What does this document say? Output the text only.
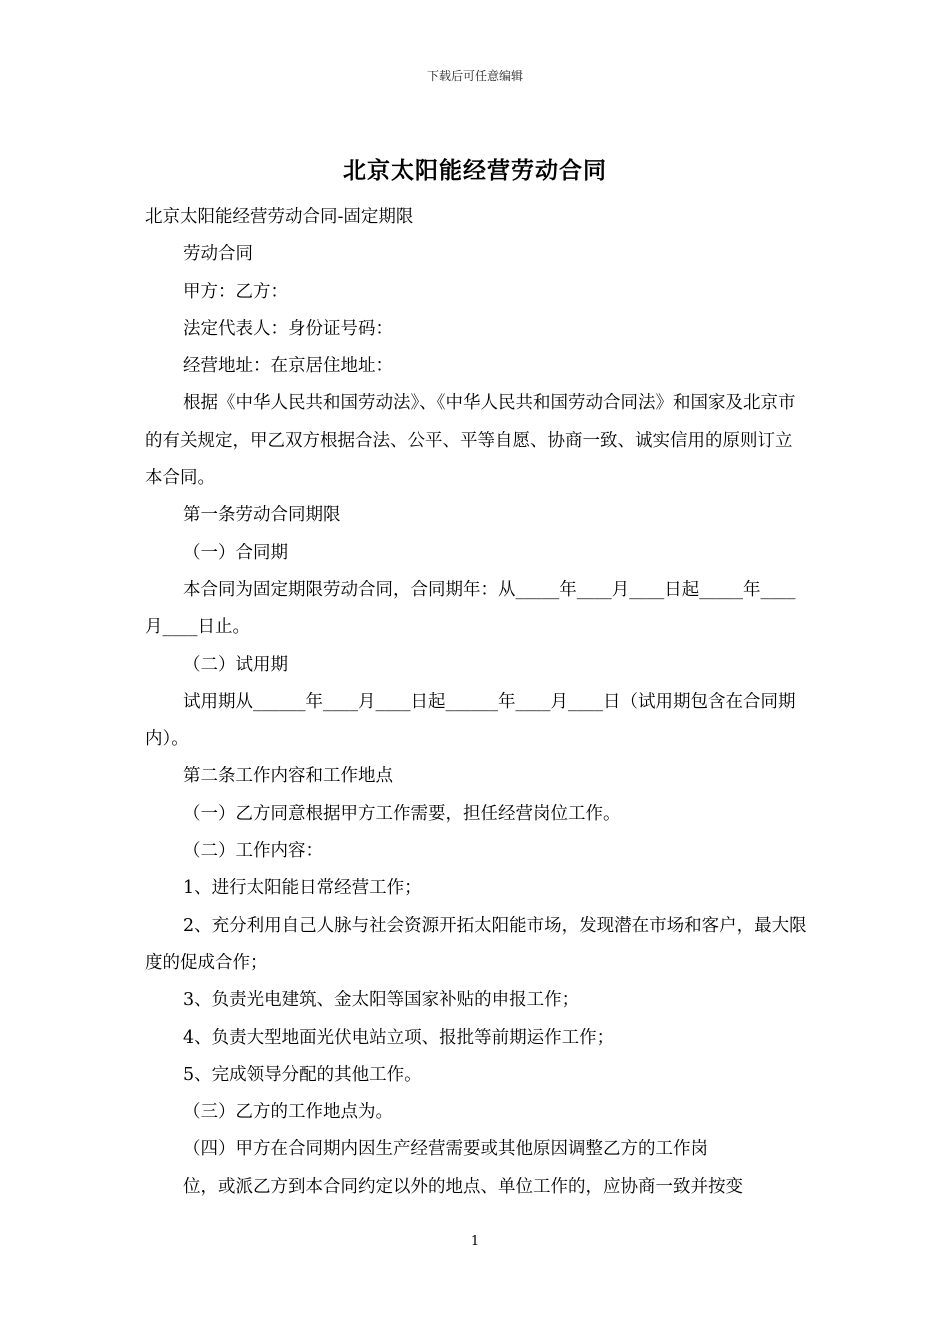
下载后可任意编辑
北京太阳能经营劳动合同

北京太阳能经营劳动合同-固定期限

劳动合同

甲方：乙方：

法定代表人：身份证号码：

经营地址：在京居住地址：

根据《中华人民共和国劳动法》、《中华人民共和国劳动合同法》和国家及北京市的有关规定，甲乙双方根据合法、公平、平等自愿、协商一致、诚实信用的原则订立本合同。

第一条劳动合同期限

（一）合同期

本合同为固定期限劳动合同，合同期年：从_____年____月____日起_____年____月____日止。

（二）试用期

试用期从______年____月____日起______年____月____日（试用期包含在合同期内）。

第二条工作内容和工作地点

（一）乙方同意根据甲方工作需要，担任经营岗位工作。

（二）工作内容：

1、进行太阳能日常经营工作；

2、充分利用自己人脉与社会资源开拓太阳能市场，发现潜在市场和客户，最大限度的促成合作；

3、负责光电建筑、金太阳等国家补贴的申报工作；

4、负责大型地面光伏电站立项、报批等前期运作工作；

5、完成领导分配的其他工作。

（三）乙方的工作地点为。

（四）甲方在合同期内因生产经营需要或其他原因调整乙方的工作岗

位，或派乙方到本合同约定以外的地点、单位工作的，应协商一致并按变

1
